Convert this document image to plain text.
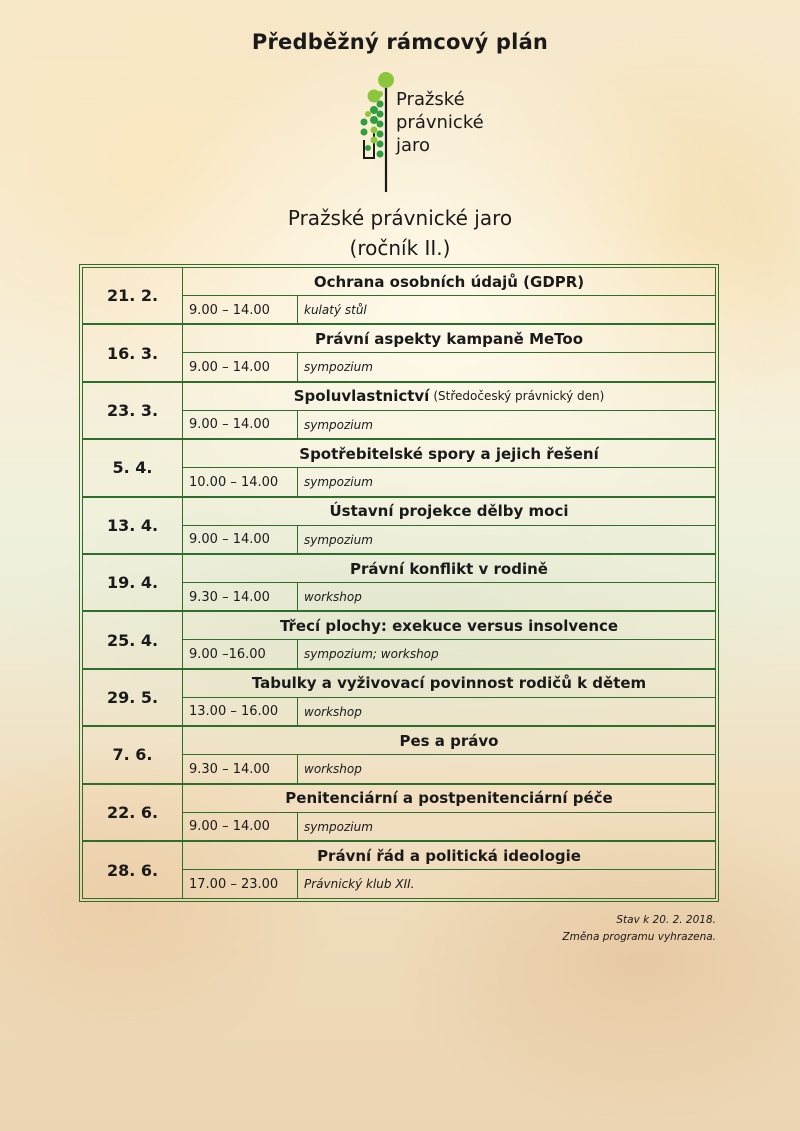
Předběžný rámcový plán
Pražské
právnické
jaro
Pražské právnické jaro
(ročník II.)
21. 2.
Ochrana osobních údajů (GDPR)
9.00 – 14.00	kulatý stůl
16. 3.
Právní aspekty kampaně MeToo
9.00 – 14.00	sympozium
23. 3.
Spoluvlastnictví (Středočeský právnický den)
9.00 – 14.00	sympozium
5. 4.
Spotřebitelské spory a jejich řešení
10.00 – 14.00	sympozium
13. 4.
Ústavní projekce dělby moci
9.00 – 14.00	sympozium
19. 4.
Právní konflikt v rodině
9.30 – 14.00	workshop
25. 4.
Třecí plochy: exekuce versus insolvence
9.00 –16.00	sympozium; workshop
29. 5.
Tabulky a vyživovací povinnost rodičů k dětem
13.00 – 16.00	workshop
7. 6.
Pes a právo
9.30 – 14.00	workshop
22. 6.
Penitenciární a postpenitenciární péče
9.00 – 14.00	sympozium
28. 6.
Právní řád a politická ideologie
17.00 – 23.00	Právnický klub XII.
Stav k 20. 2. 2018.
Změna programu vyhrazena.
